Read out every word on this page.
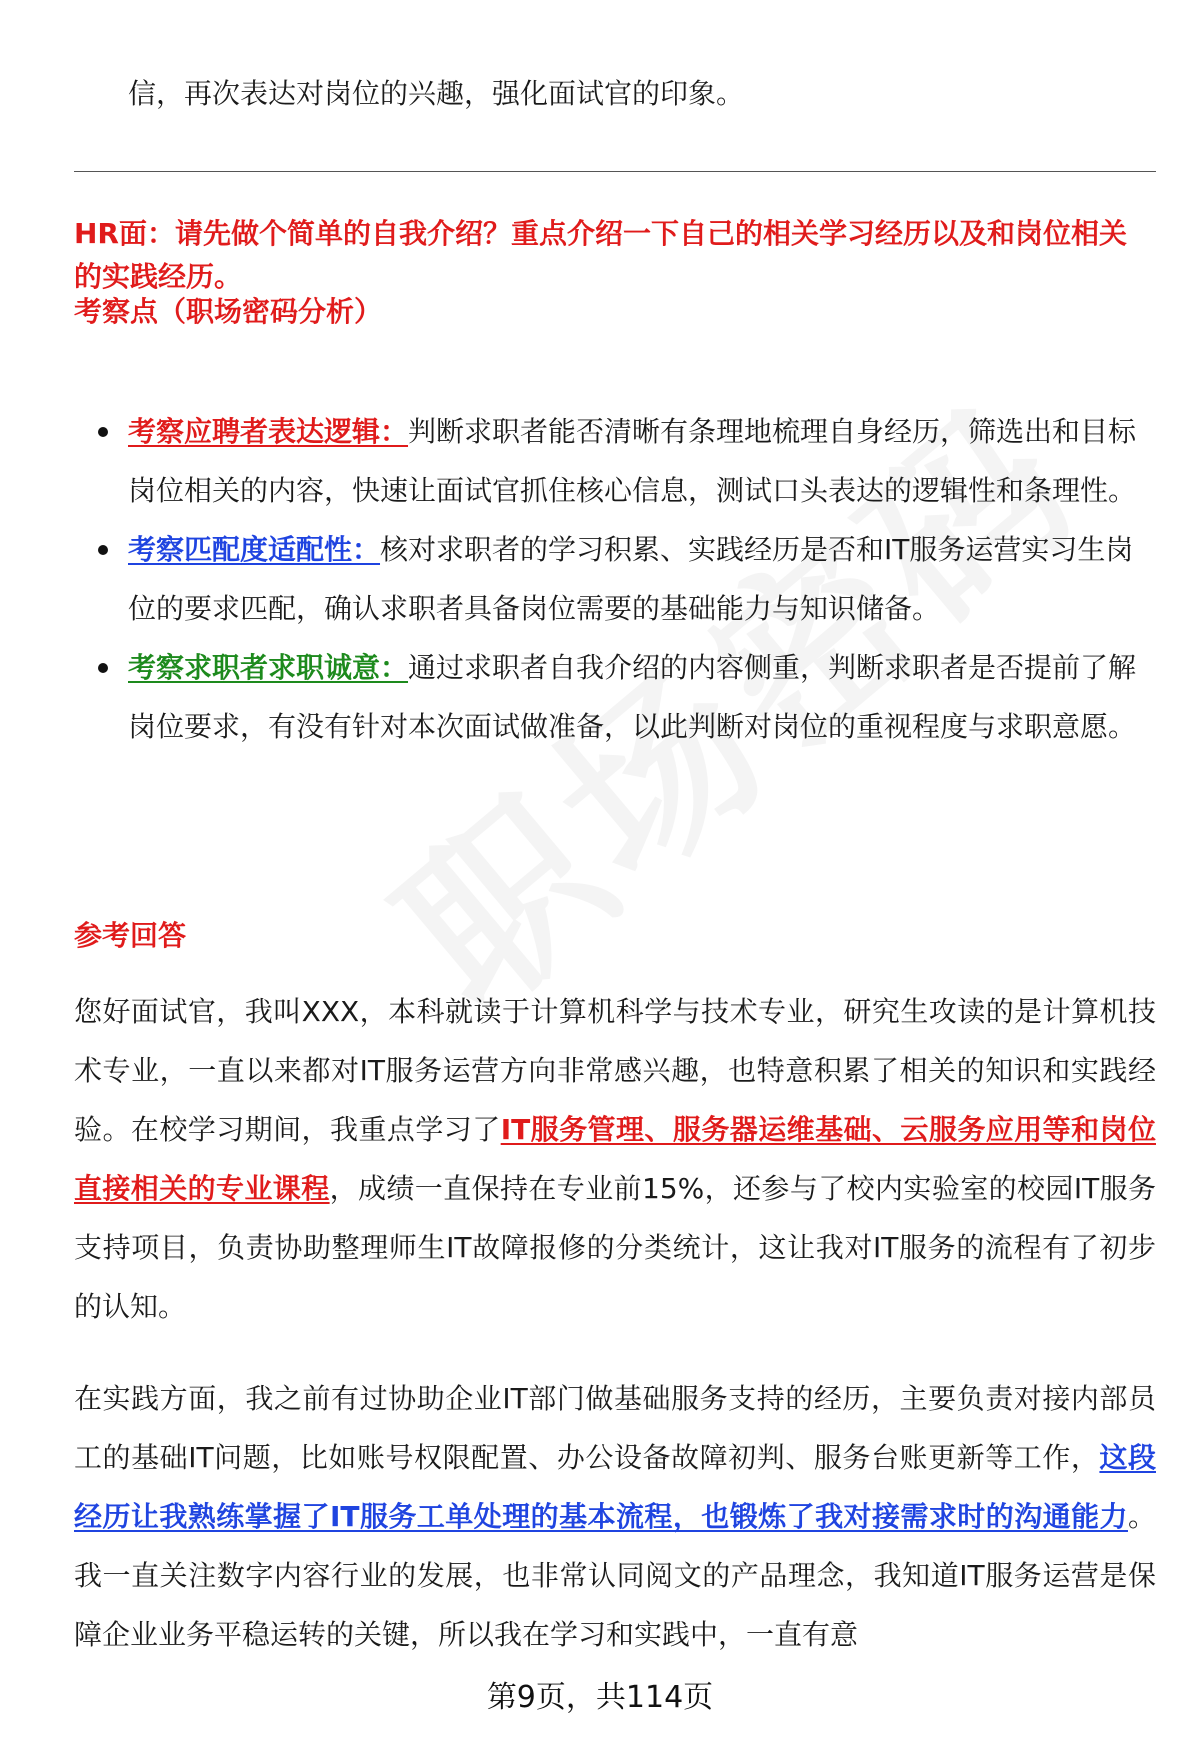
信，再次表达对岗位的兴趣，强化面试官的印象。
HR面：请先做个简单的自我介绍？重点介绍一下自己的相关学习经历以及和岗位相关的实践经历。
考察点（职场密码分析）
考察应聘者表达逻辑：判断求职者能否清晰有条理地梳理自身经历，筛选出和目标岗位相关的内容，快速让面试官抓住核心信息，测试口头表达的逻辑性和条理性。
考察匹配度适配性：核对求职者的学习积累、实践经历是否和IT服务运营实习生岗位的要求匹配，确认求职者具备岗位需要的基础能力与知识储备。
考察求职者求职诚意：通过求职者自我介绍的内容侧重，判断求职者是否提前了解岗位要求，有没有针对本次面试做准备，以此判断对岗位的重视程度与求职意愿。
参考回答

您好面试官，我叫XXX，本科就读于计算机科学与技术专业，研究生攻读的是计算机技术专业，一直以来都对IT服务运营方向非常感兴趣，也特意积累了相关的知识和实践经验。在校学习期间，我重点学习了IT服务管理、服务器运维基础、云服务应用等和岗位直接相关的专业课程，成绩一直保持在专业前15%，还参与了校内实验室的校园IT服务支持项目，负责协助整理师生IT故障报修的分类统计，这让我对IT服务的流程有了初步的认知。

在实践方面，我之前有过协助企业IT部门做基础服务支持的经历，主要负责对接内部员工的基础IT问题，比如账号权限配置、办公设备故障初判、服务台账更新等工作，这段经历让我熟练掌握了IT服务工单处理的基本流程，也锻炼了我对接需求时的沟通能力。我一直关注数字内容行业的发展，也非常认同阅文的产品理念，我知道IT服务运营是保障企业业务平稳运转的关键，所以我在学习和实践中，一直有意

第9页，共114页
